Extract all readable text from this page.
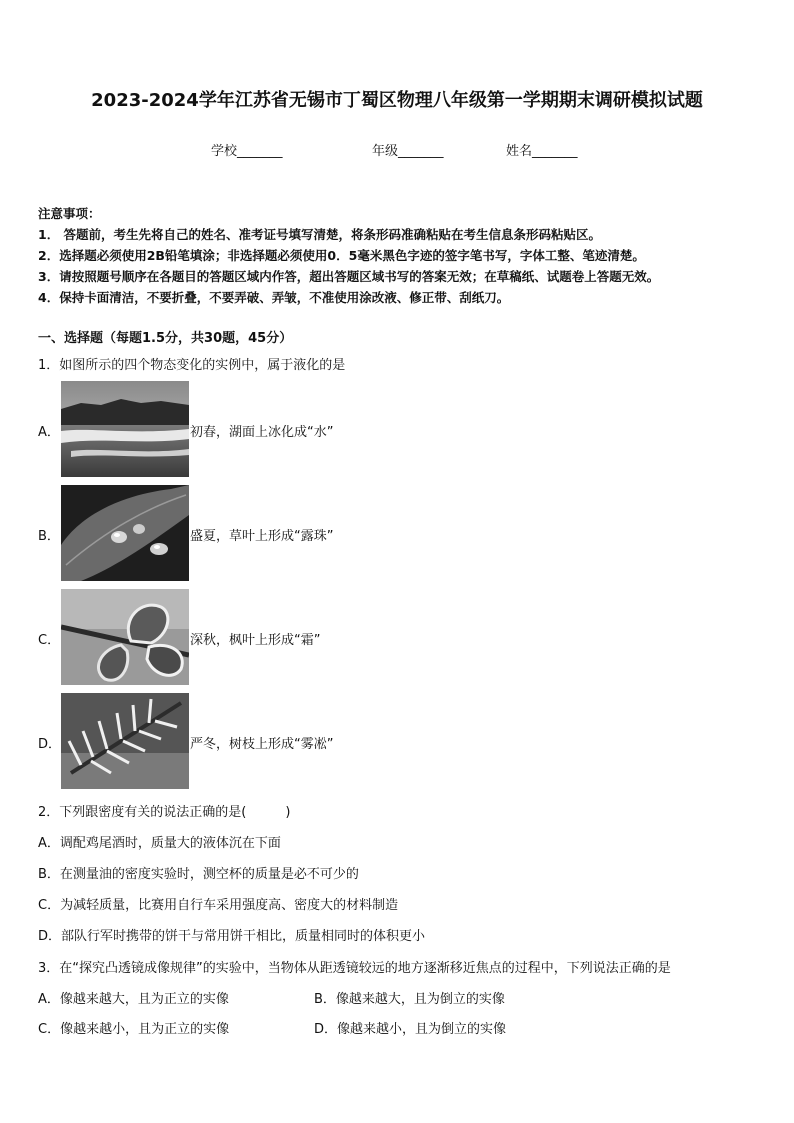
2023-2024学年江苏省无锡市丁蜀区物理八年级第一学期期末调研模拟试题
学校_______	年级_______	姓名_______
注意事项：
1． 答题前，考生先将自己的姓名、准考证号填写清楚，将条形码准确粘贴在考生信息条形码粘贴区。
2．选择题必须使用2B铅笔填涂；非选择题必须使用0．5毫米黑色字迹的签字笔书写，字体工整、笔迹清楚。
3．请按照题号顺序在各题目的答题区域内作答，超出答题区域书写的答案无效；在草稿纸、试题卷上答题无效。
4．保持卡面清洁，不要折叠，不要弄破、弄皱，不准使用涂改液、修正带、刮纸刀。
一、选择题（每题1.5分，共30题，45分）
1．如图所示的四个物态变化的实例中，属于液化的是
A．	初春，湖面上冰化成“水”
B．	盛夏，草叶上形成“露珠”
C．	深秋，枫叶上形成“霜”
D．	严冬，树枝上形成“雾凇”
2．下列跟密度有关的说法正确的是(　　　)
A．调配鸡尾酒时，质量大的液体沉在下面
B．在测量油的密度实验时，测空杯的质量是必不可少的
C．为减轻质量，比赛用自行车采用强度高、密度大的材料制造
D．部队行军时携带的饼干与常用饼干相比，质量相同时的体积更小
3．在“探究凸透镜成像规律”的实验中，当物体从距透镜较远的地方逐渐移近焦点的过程中，下列说法正确的是
A．像越来越大，且为正立的实像	B．像越来越大，且为倒立的实像
C．像越来越小，且为正立的实像	D．像越来越小，且为倒立的实像
